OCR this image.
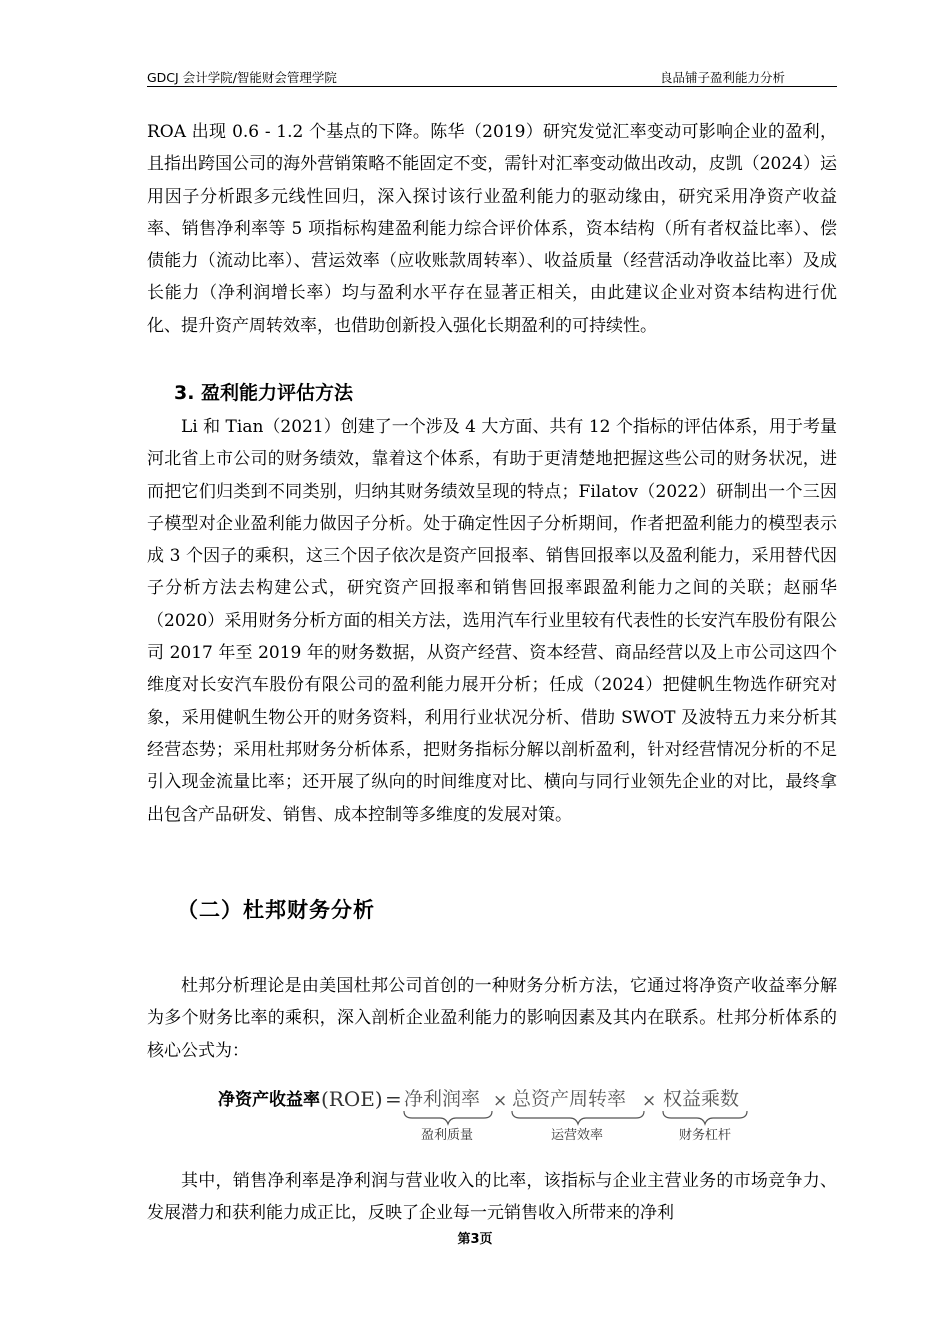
GDCJ 会计学院/智能财会管理学院	良品铺子盈利能力分析

ROA 出现 0.6 - 1.2 个基点的下降。陈华（2019）研究发觉汇率变动可影响企业的盈利，且指出跨国公司的海外营销策略不能固定不变，需针对汇率变动做出改动，皮凯（2024）运用因子分析跟多元线性回归，深入探讨该行业盈利能力的驱动缘由，研究采用净资产收益率、销售净利率等 5 项指标构建盈利能力综合评价体系，资本结构（所有者权益比率）、偿债能力（流动比率）、营运效率（应收账款周转率）、收益质量（经营活动净收益比率）及成长能力（净利润增长率）均与盈利水平存在显著正相关，由此建议企业对资本结构进行优化、提升资产周转效率，也借助创新投入强化长期盈利的可持续性。

3. 盈利能力评估方法

Li 和 Tian（2021）创建了一个涉及 4 大方面、共有 12 个指标的评估体系，用于考量河北省上市公司的财务绩效，靠着这个体系，有助于更清楚地把握这些公司的财务状况，进而把它们归类到不同类别，归纳其财务绩效呈现的特点；Filatov（2022）研制出一个三因子模型对企业盈利能力做因子分析。处于确定性因子分析期间，作者把盈利能力的模型表示成 3 个因子的乘积，这三个因子依次是资产回报率、销售回报率以及盈利能力，采用替代因子分析方法去构建公式，研究资产回报率和销售回报率跟盈利能力之间的关联；赵丽华（2020）采用财务分析方面的相关方法，选用汽车行业里较有代表性的长安汽车股份有限公司 2017 年至 2019 年的财务数据，从资产经营、资本经营、商品经营以及上市公司这四个维度对长安汽车股份有限公司的盈利能力展开分析；任成（2024）把健帆生物选作研究对象，采用健帆生物公开的财务资料，利用行业状况分析、借助 SWOT 及波特五力来分析其经营态势；采用杜邦财务分析体系，把财务指标分解以剖析盈利，针对经营情况分析的不足引入现金流量比率；还开展了纵向的时间维度对比、横向与同行业领先企业的对比，最终拿出包含产品研发、销售、成本控制等多维度的发展对策。

（二）杜邦财务分析

杜邦分析理论是由美国杜邦公司首创的一种财务分析方法，它通过将净资产收益率分解为多个财务比率的乘积，深入剖析企业盈利能力的影响因素及其内在联系。杜邦分析体系的核心公式为：

净资产收益率 (ROE) = 净利润率 × 总资产周转率 × 权益乘数
盈利质量	运营效率	财务杠杆

其中，销售净利率是净利润与营业收入的比率，该指标与企业主营业务的市场竞争力、发展潜力和获利能力成正比，反映了企业每一元销售收入所带来的净利

第3页
